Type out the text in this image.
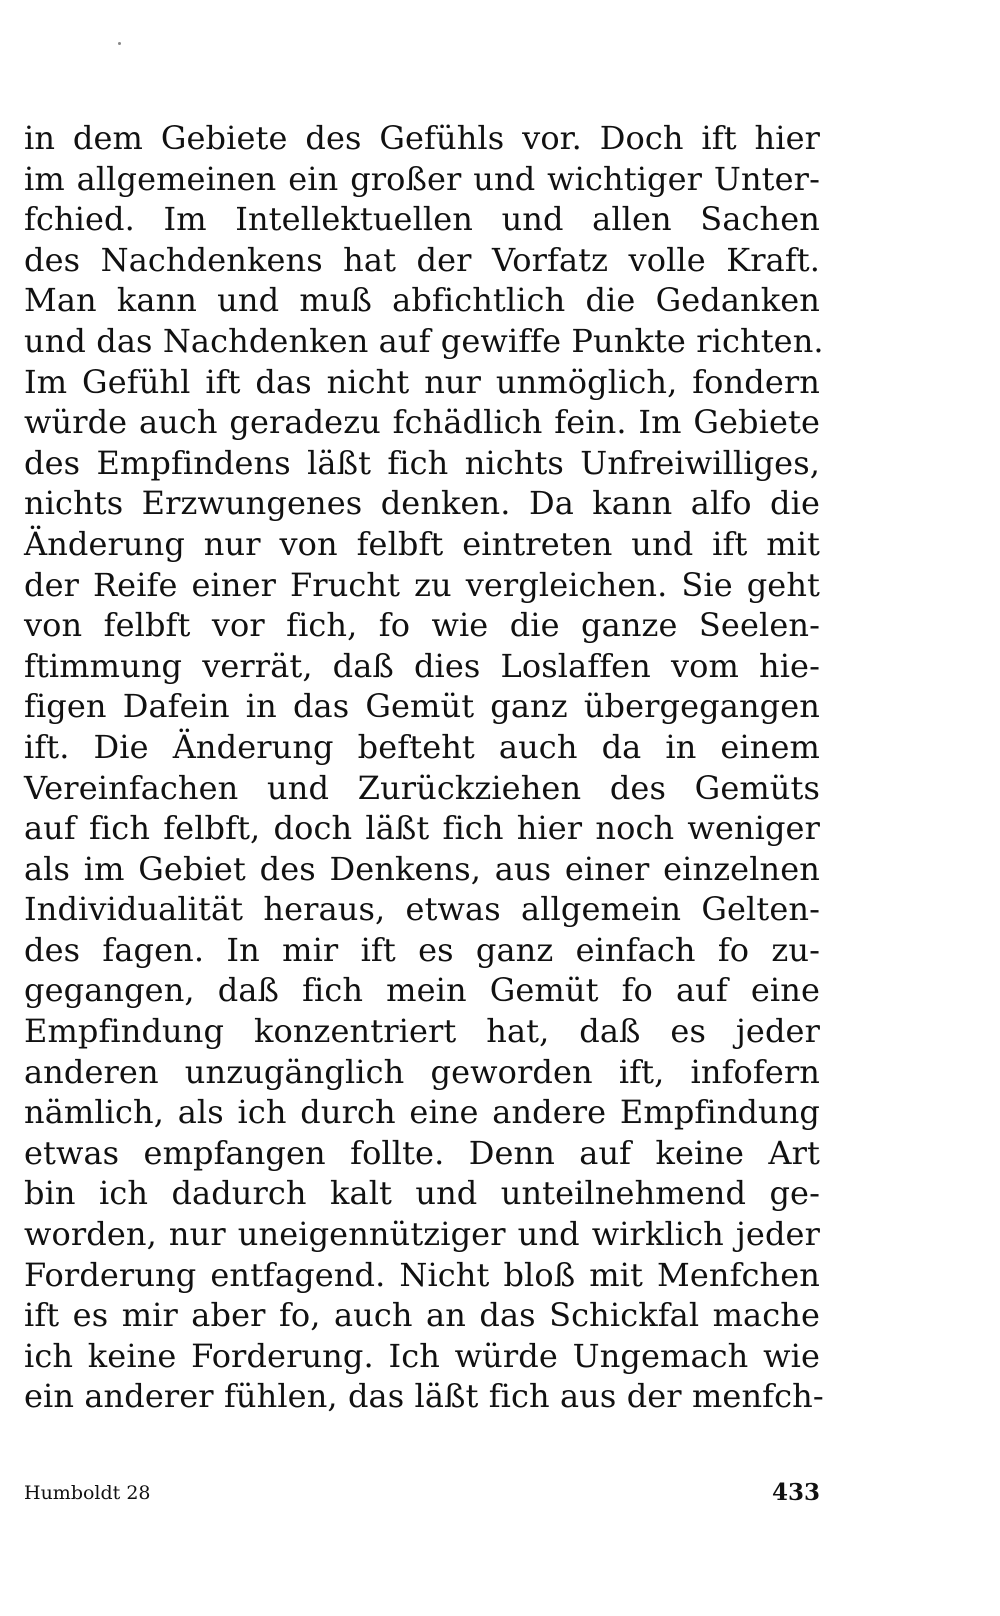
in dem Gebiete des Gefühls vor. Doch ift hier
im allgemeinen ein großer und wichtiger Unter-
fchied. Im Intellektuellen und allen Sachen
des Nachdenkens hat der Vorfatz volle Kraft.
Man kann und muß abfichtlich die Gedanken
und das Nachdenken auf gewiffe Punkte richten.
Im Gefühl ift das nicht nur unmöglich, fondern
würde auch geradezu fchädlich fein. Im Gebiete
des Empfindens läßt fich nichts Unfreiwilliges,
nichts Erzwungenes denken. Da kann alfo die
Änderung nur von felbft eintreten und ift mit
der Reife einer Frucht zu vergleichen. Sie geht
von felbft vor fich, fo wie die ganze Seelen-
ftimmung verrät, daß dies Loslaffen vom hie-
figen Dafein in das Gemüt ganz übergegangen
ift. Die Änderung befteht auch da in einem
Vereinfachen und Zurückziehen des Gemüts
auf fich felbft, doch läßt fich hier noch weniger
als im Gebiet des Denkens, aus einer einzelnen
Individualität heraus, etwas allgemein Gelten-
des fagen. In mir ift es ganz einfach fo zu-
gegangen, daß fich mein Gemüt fo auf eine
Empfindung konzentriert hat, daß es jeder
anderen unzugänglich geworden ift, infofern
nämlich, als ich durch eine andere Empfindung
etwas empfangen follte. Denn auf keine Art
bin ich dadurch kalt und unteilnehmend ge-
worden, nur uneigennütziger und wirklich jeder
Forderung entfagend. Nicht bloß mit Menfchen
ift es mir aber fo, auch an das Schickfal mache
ich keine Forderung. Ich würde Ungemach wie
ein anderer fühlen, das läßt fich aus der menfch-
Humboldt 28	433
